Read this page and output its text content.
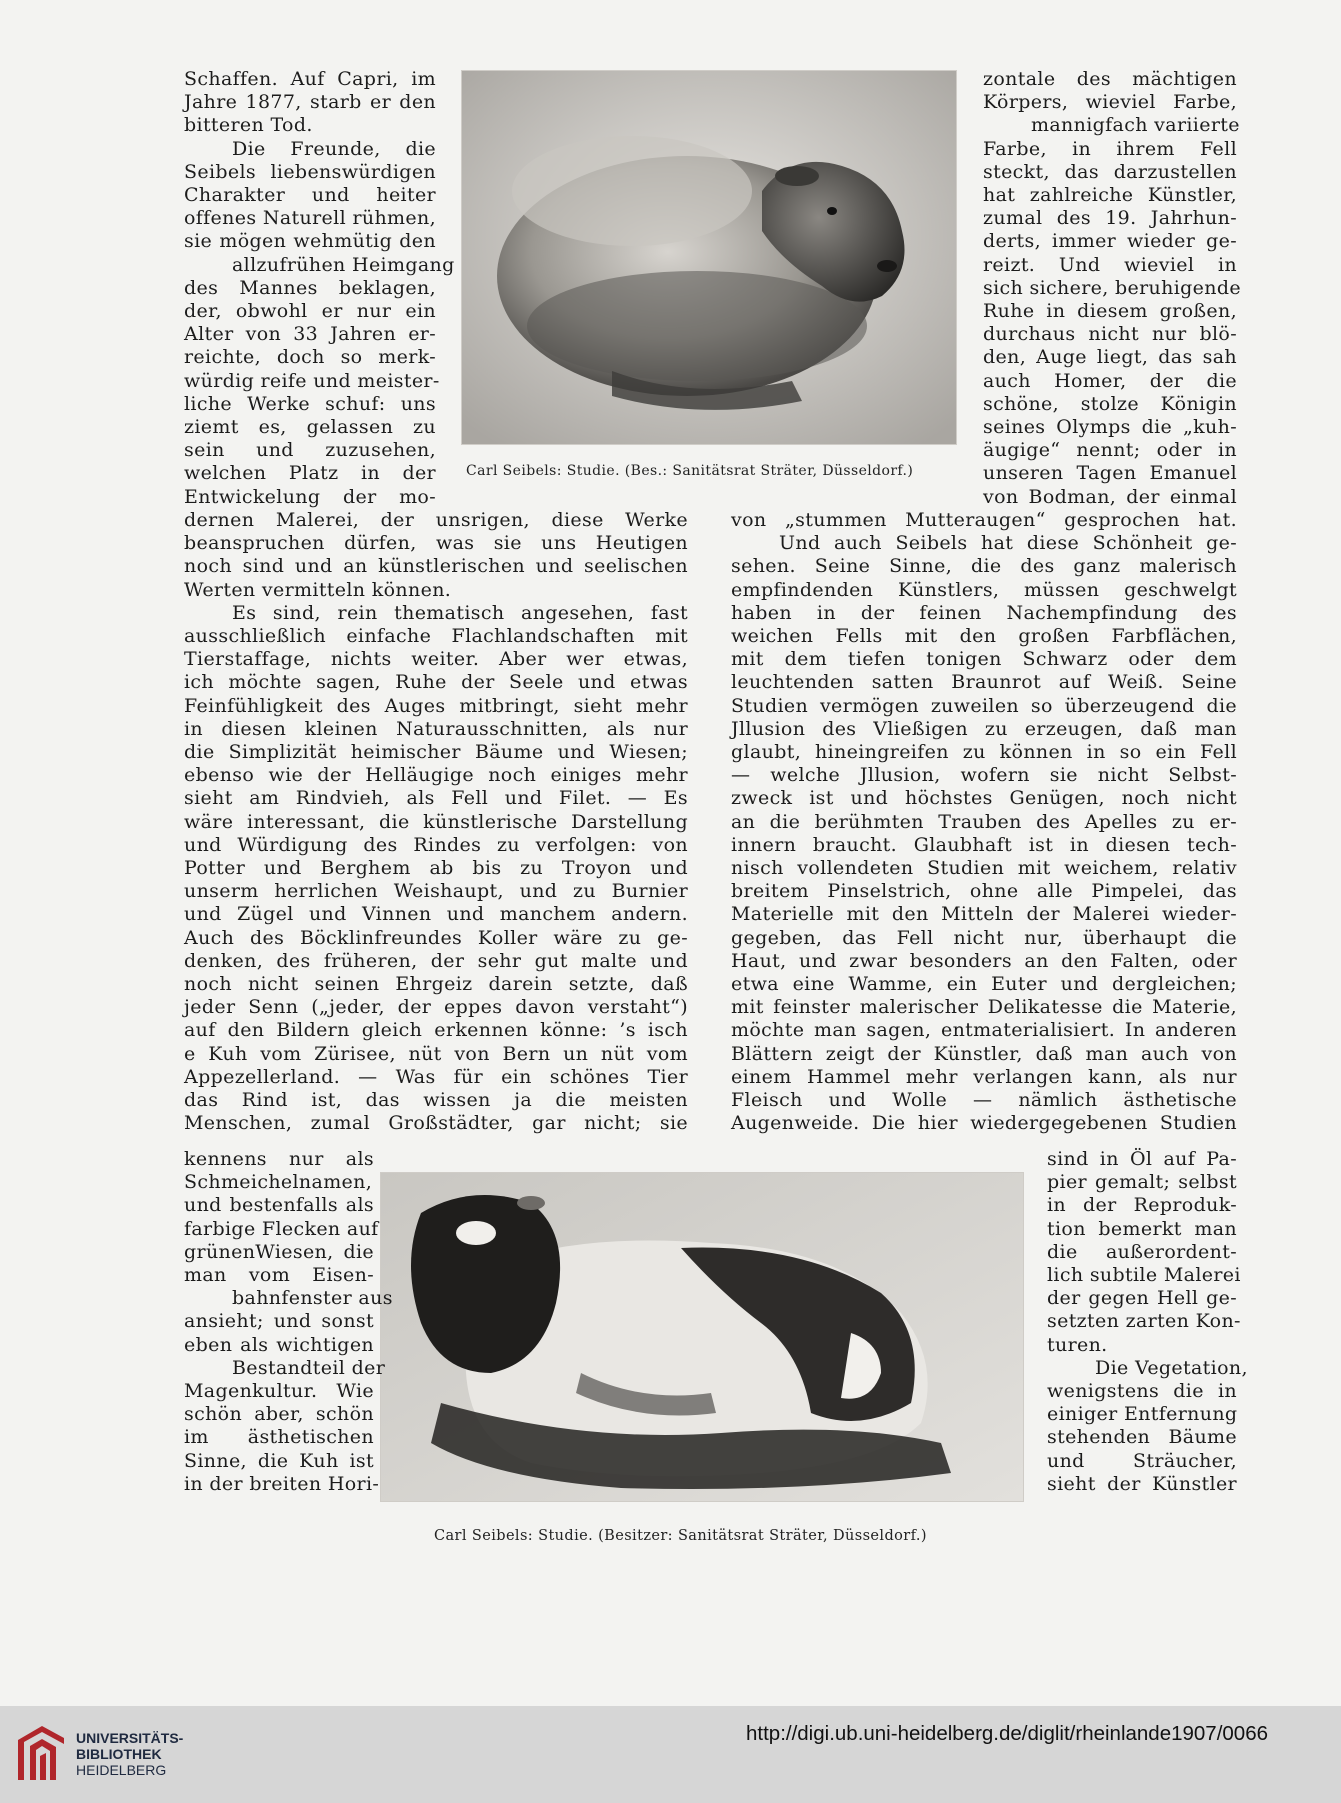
Carl Seibels: Studie. (Bes.: Sanitätsrat Sträter, Düsseldorf.)
Carl Seibels: Studie. (Besitzer: Sanitätsrat Sträter, Düsseldorf.)
Schaffen. Auf Capri, im
Jahre 1877, starb er den
bitteren Tod.
Die Freunde, die
Seibels liebenswürdigen
Charakter und heiter
offenes Naturell rühmen,
sie mögen wehmütig den
allzufrühen Heimgang
des Mannes beklagen,
der, obwohl er nur ein
Alter von 33 Jahren er-
reichte, doch so merk-
würdig reife und meister-
liche Werke schuf: uns
ziemt es, gelassen zu
sein und zuzusehen,
welchen Platz in der
Entwickelung der mo-
dernen Malerei, der unsrigen, diese Werke
beanspruchen dürfen, was sie uns Heutigen
noch sind und an künstlerischen und seelischen
Werten vermitteln können.
Es sind, rein thematisch angesehen, fast
ausschließlich einfache Flachlandschaften mit
Tierstaffage, nichts weiter. Aber wer etwas,
ich möchte sagen, Ruhe der Seele und etwas
Feinfühligkeit des Auges mitbringt, sieht mehr
in diesen kleinen Naturausschnitten, als nur
die Simplizität heimischer Bäume und Wiesen;
ebenso wie der Helläugige noch einiges mehr
sieht am Rindvieh, als Fell und Filet. — Es
wäre interessant, die künstlerische Darstellung
und Würdigung des Rindes zu verfolgen: von
Potter und Berghem ab bis zu Troyon und
unserm herrlichen Weishaupt, und zu Burnier
und Zügel und Vinnen und manchem andern.
Auch des Böcklinfreundes Koller wäre zu ge-
denken, des früheren, der sehr gut malte und
noch nicht seinen Ehrgeiz darein setzte, daß
jeder Senn („jeder, der eppes davon verstaht“)
auf den Bildern gleich erkennen könne: ’s isch
e Kuh vom Zürisee, nüt von Bern un nüt vom
Appezellerland. — Was für ein schönes Tier
das Rind ist, das wissen ja die meisten
Menschen, zumal Großstädter, gar nicht; sie
kennens nur als
Schmeichelnamen,
und bestenfalls als
farbige Flecken auf
grünenWiesen, die
man vom Eisen-
bahnfenster aus
ansieht; und sonst
eben als wichtigen
Bestandteil der
Magenkultur. Wie
schön aber, schön
im ästhetischen
Sinne, die Kuh ist
in der breiten Hori-
zontale des mächtigen
Körpers, wieviel Farbe,
mannigfach variierte
Farbe, in ihrem Fell
steckt, das darzustellen
hat zahlreiche Künstler,
zumal des 19. Jahrhun-
derts, immer wieder ge-
reizt. Und wieviel in
sich sichere, beruhigende
Ruhe in diesem großen,
durchaus nicht nur blö-
den, Auge liegt, das sah
auch Homer, der die
schöne, stolze Königin
seines Olymps die „kuh-
äugige“ nennt; oder in
unseren Tagen Emanuel
von Bodman, der einmal
von „stummen Mutteraugen“ gesprochen hat.
Und auch Seibels hat diese Schönheit ge-
sehen. Seine Sinne, die des ganz malerisch
empfindenden Künstlers, müssen geschwelgt
haben in der feinen Nachempfindung des
weichen Fells mit den großen Farbflächen,
mit dem tiefen tonigen Schwarz oder dem
leuchtenden satten Braunrot auf Weiß. Seine
Studien vermögen zuweilen so überzeugend die
Jllusion des Vließigen zu erzeugen, daß man
glaubt, hineingreifen zu können in so ein Fell
— welche Jllusion, wofern sie nicht Selbst-
zweck ist und höchstes Genügen, noch nicht
an die berühmten Trauben des Apelles zu er-
innern braucht. Glaubhaft ist in diesen tech-
nisch vollendeten Studien mit weichem, relativ
breitem Pinselstrich, ohne alle Pimpelei, das
Materielle mit den Mitteln der Malerei wieder-
gegeben, das Fell nicht nur, überhaupt die
Haut, und zwar besonders an den Falten, oder
etwa eine Wamme, ein Euter und dergleichen;
mit feinster malerischer Delikatesse die Materie,
möchte man sagen, entmaterialisiert. In anderen
Blättern zeigt der Künstler, daß man auch von
einem Hammel mehr verlangen kann, als nur
Fleisch und Wolle — nämlich ästhetische
Augenweide. Die hier wiedergegebenen Studien
sind in Öl auf Pa-
pier gemalt; selbst
in der Reproduk-
tion bemerkt man
die außerordent-
lich subtile Malerei
der gegen Hell ge-
setzten zarten Kon-
turen.
Die Vegetation,
wenigstens die in
einiger Entfernung
stehenden Bäume
und Sträucher,
sieht der Künstler
UNIVERSITÄTS-
BIBLIOTHEK
HEIDELBERG
http://digi.ub.uni-heidelberg.de/diglit/rheinlande1907/0066
